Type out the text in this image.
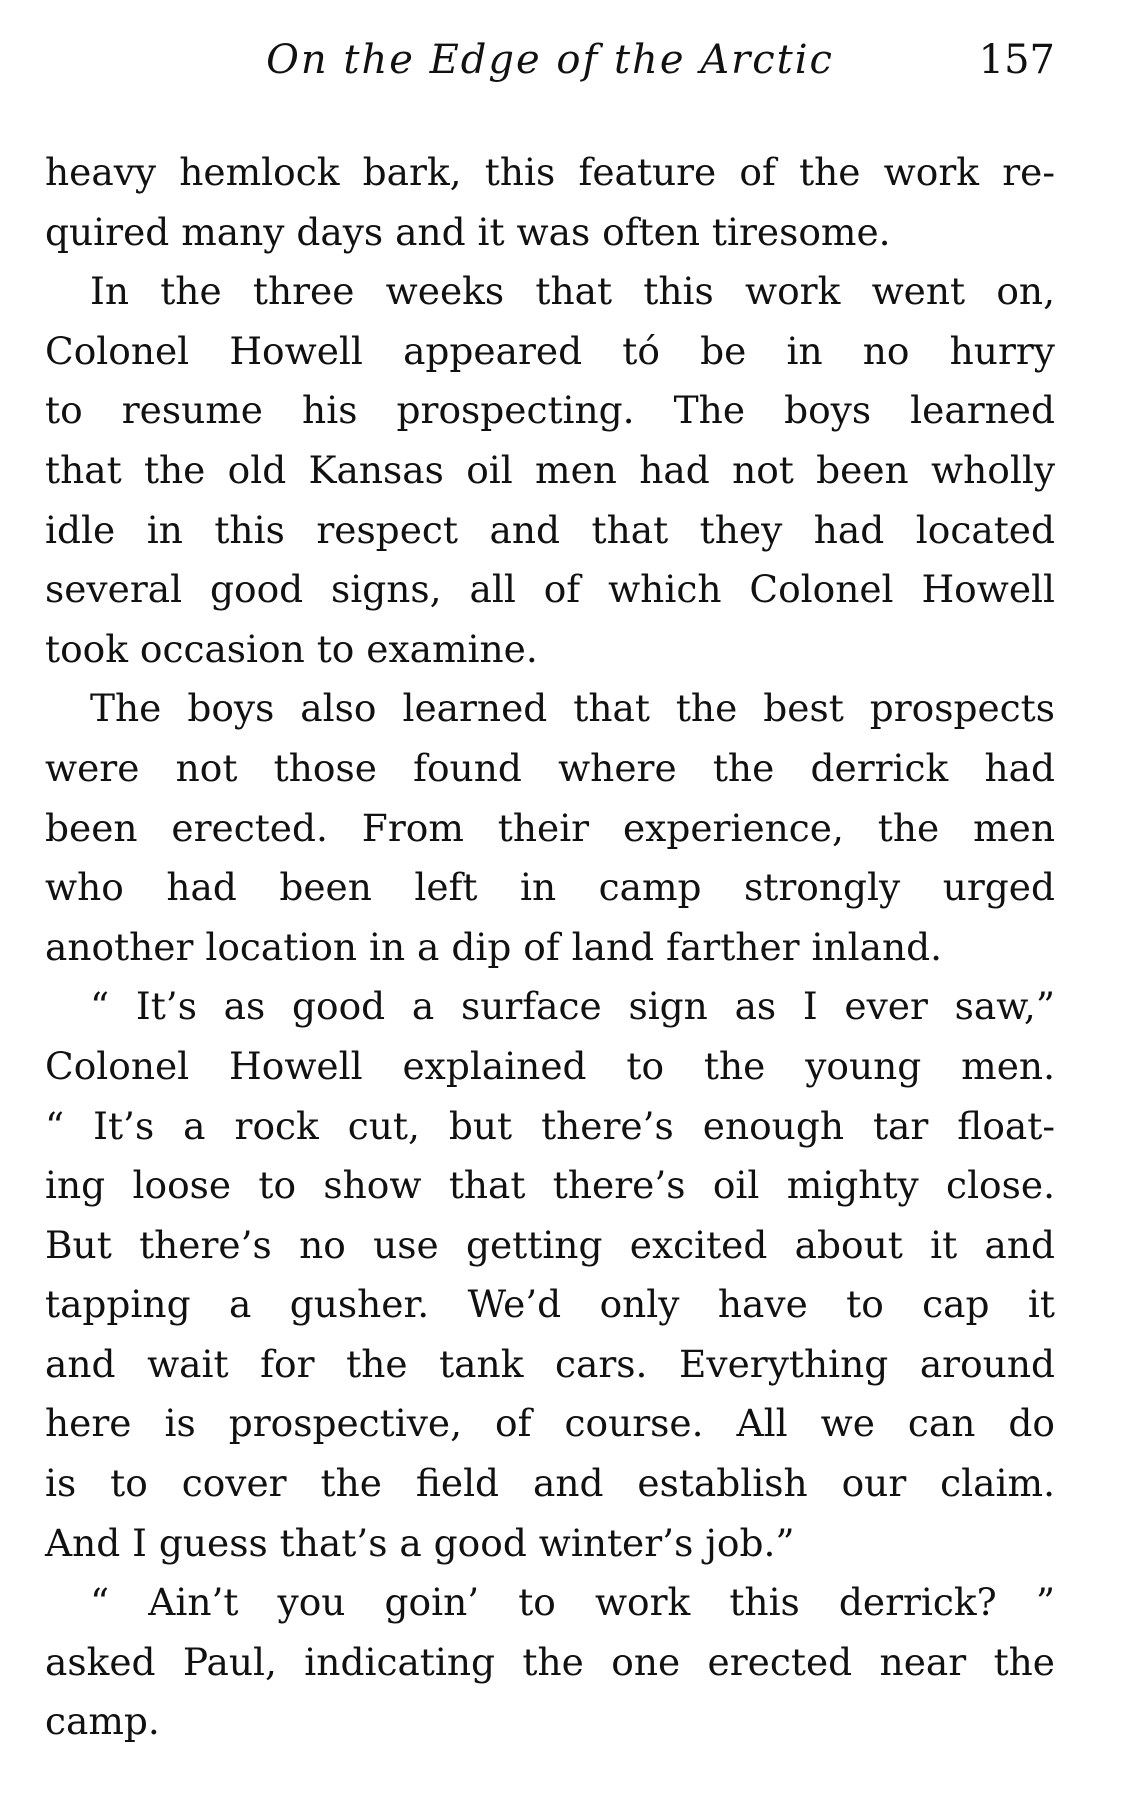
On the Edge of the Arctic	157
heavy hemlock bark, this feature of the work re-
quired many days and it was often tiresome.
In the three weeks that this work went on,
Colonel Howell appeared tó be in no hurry
to resume his prospecting. The boys learned
that the old Kansas oil men had not been wholly
idle in this respect and that they had located
several good signs, all of which Colonel Howell
took occasion to examine.
The boys also learned that the best prospects
were not those found where the derrick had
been erected. From their experience, the men
who had been left in camp strongly urged
another location in a dip of land farther inland.
“ It’s as good a surface sign as I ever saw,”
Colonel Howell explained to the young men.
“ It’s a rock cut, but there’s enough tar float-
ing loose to show that there’s oil mighty close.
But there’s no use getting excited about it and
tapping a gusher. We’d only have to cap it
and wait for the tank cars. Everything around
here is prospective, of course. All we can do
is to cover the field and establish our claim.
And I guess that’s a good winter’s job.”
“ Ain’t you goin’ to work this derrick? ”
asked Paul, indicating the one erected near the
camp.
